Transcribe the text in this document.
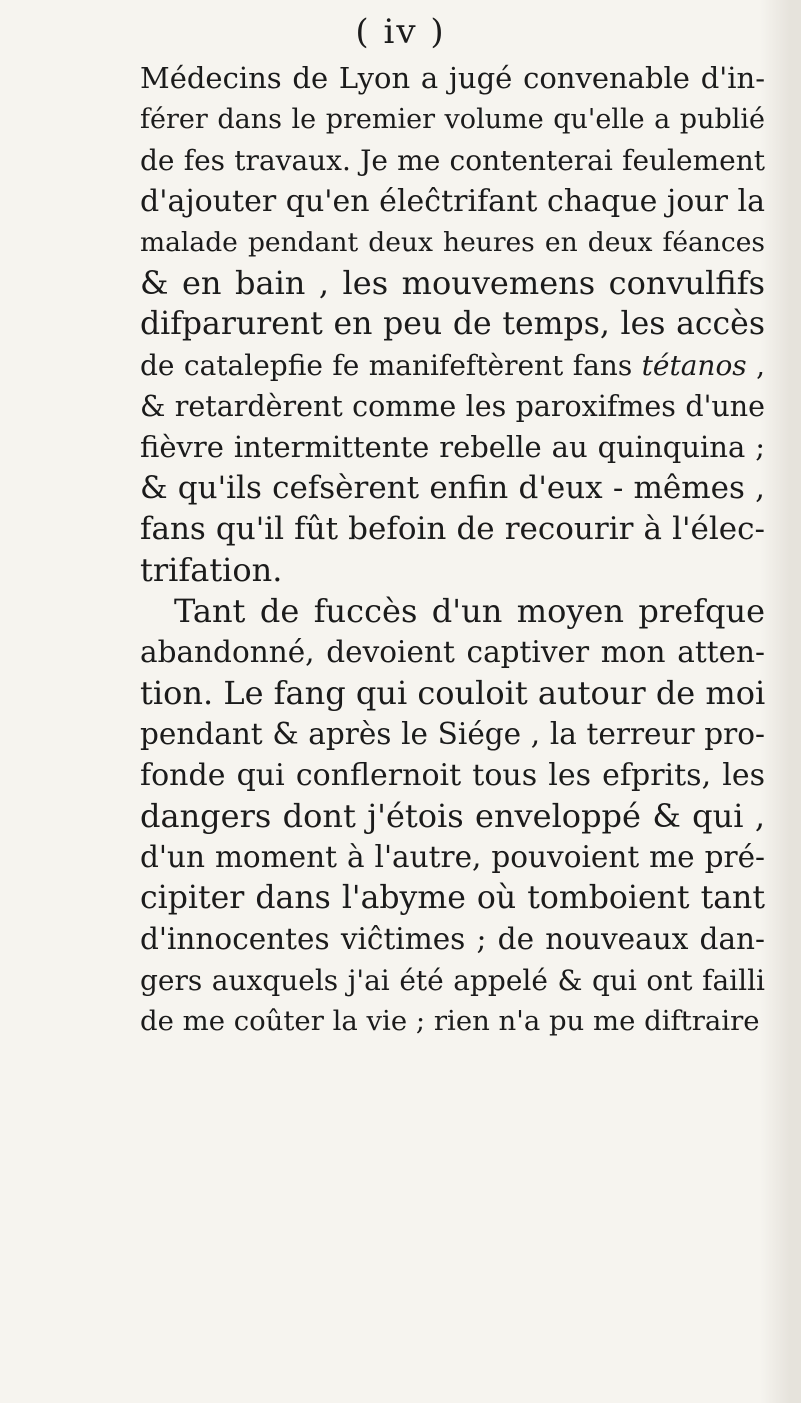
( iv )
Médecins de Lyon a jugé convenable d'in-
férer dans le premier volume qu'elle a publié
de fes travaux. Je me contenterai feulement
d'ajouter qu'en éleĉtrifant chaque jour la
malade pendant deux heures en deux féances
& en bain , les mouvemens convulfifs
difparurent en peu de temps, les accès
de catalepfie fe manifeftèrent fans tétanos ,
& retardèrent comme les paroxifmes d'une
fièvre intermittente rebelle au quinquina ;
& qu'ils cefsèrent enfin d'eux - mêmes ,
fans qu'il fût befoin de recourir à l'élec-
trifation.
Tant de fuccès d'un moyen prefque
abandonné, devoient captiver mon atten-
tion. Le fang qui couloit autour de moi
pendant & après le Siége , la terreur pro-
fonde qui conflernoit tous les efprits, les
dangers dont j'étois enveloppé & qui ,
d'un moment à l'autre, pouvoient me pré-
cipiter dans l'abyme où tomboient tant
d'innocentes viĉtimes ; de nouveaux dan-
gers auxquels j'ai été appelé & qui ont failli
de me coûter la vie ; rien n'a pu me diftraire
